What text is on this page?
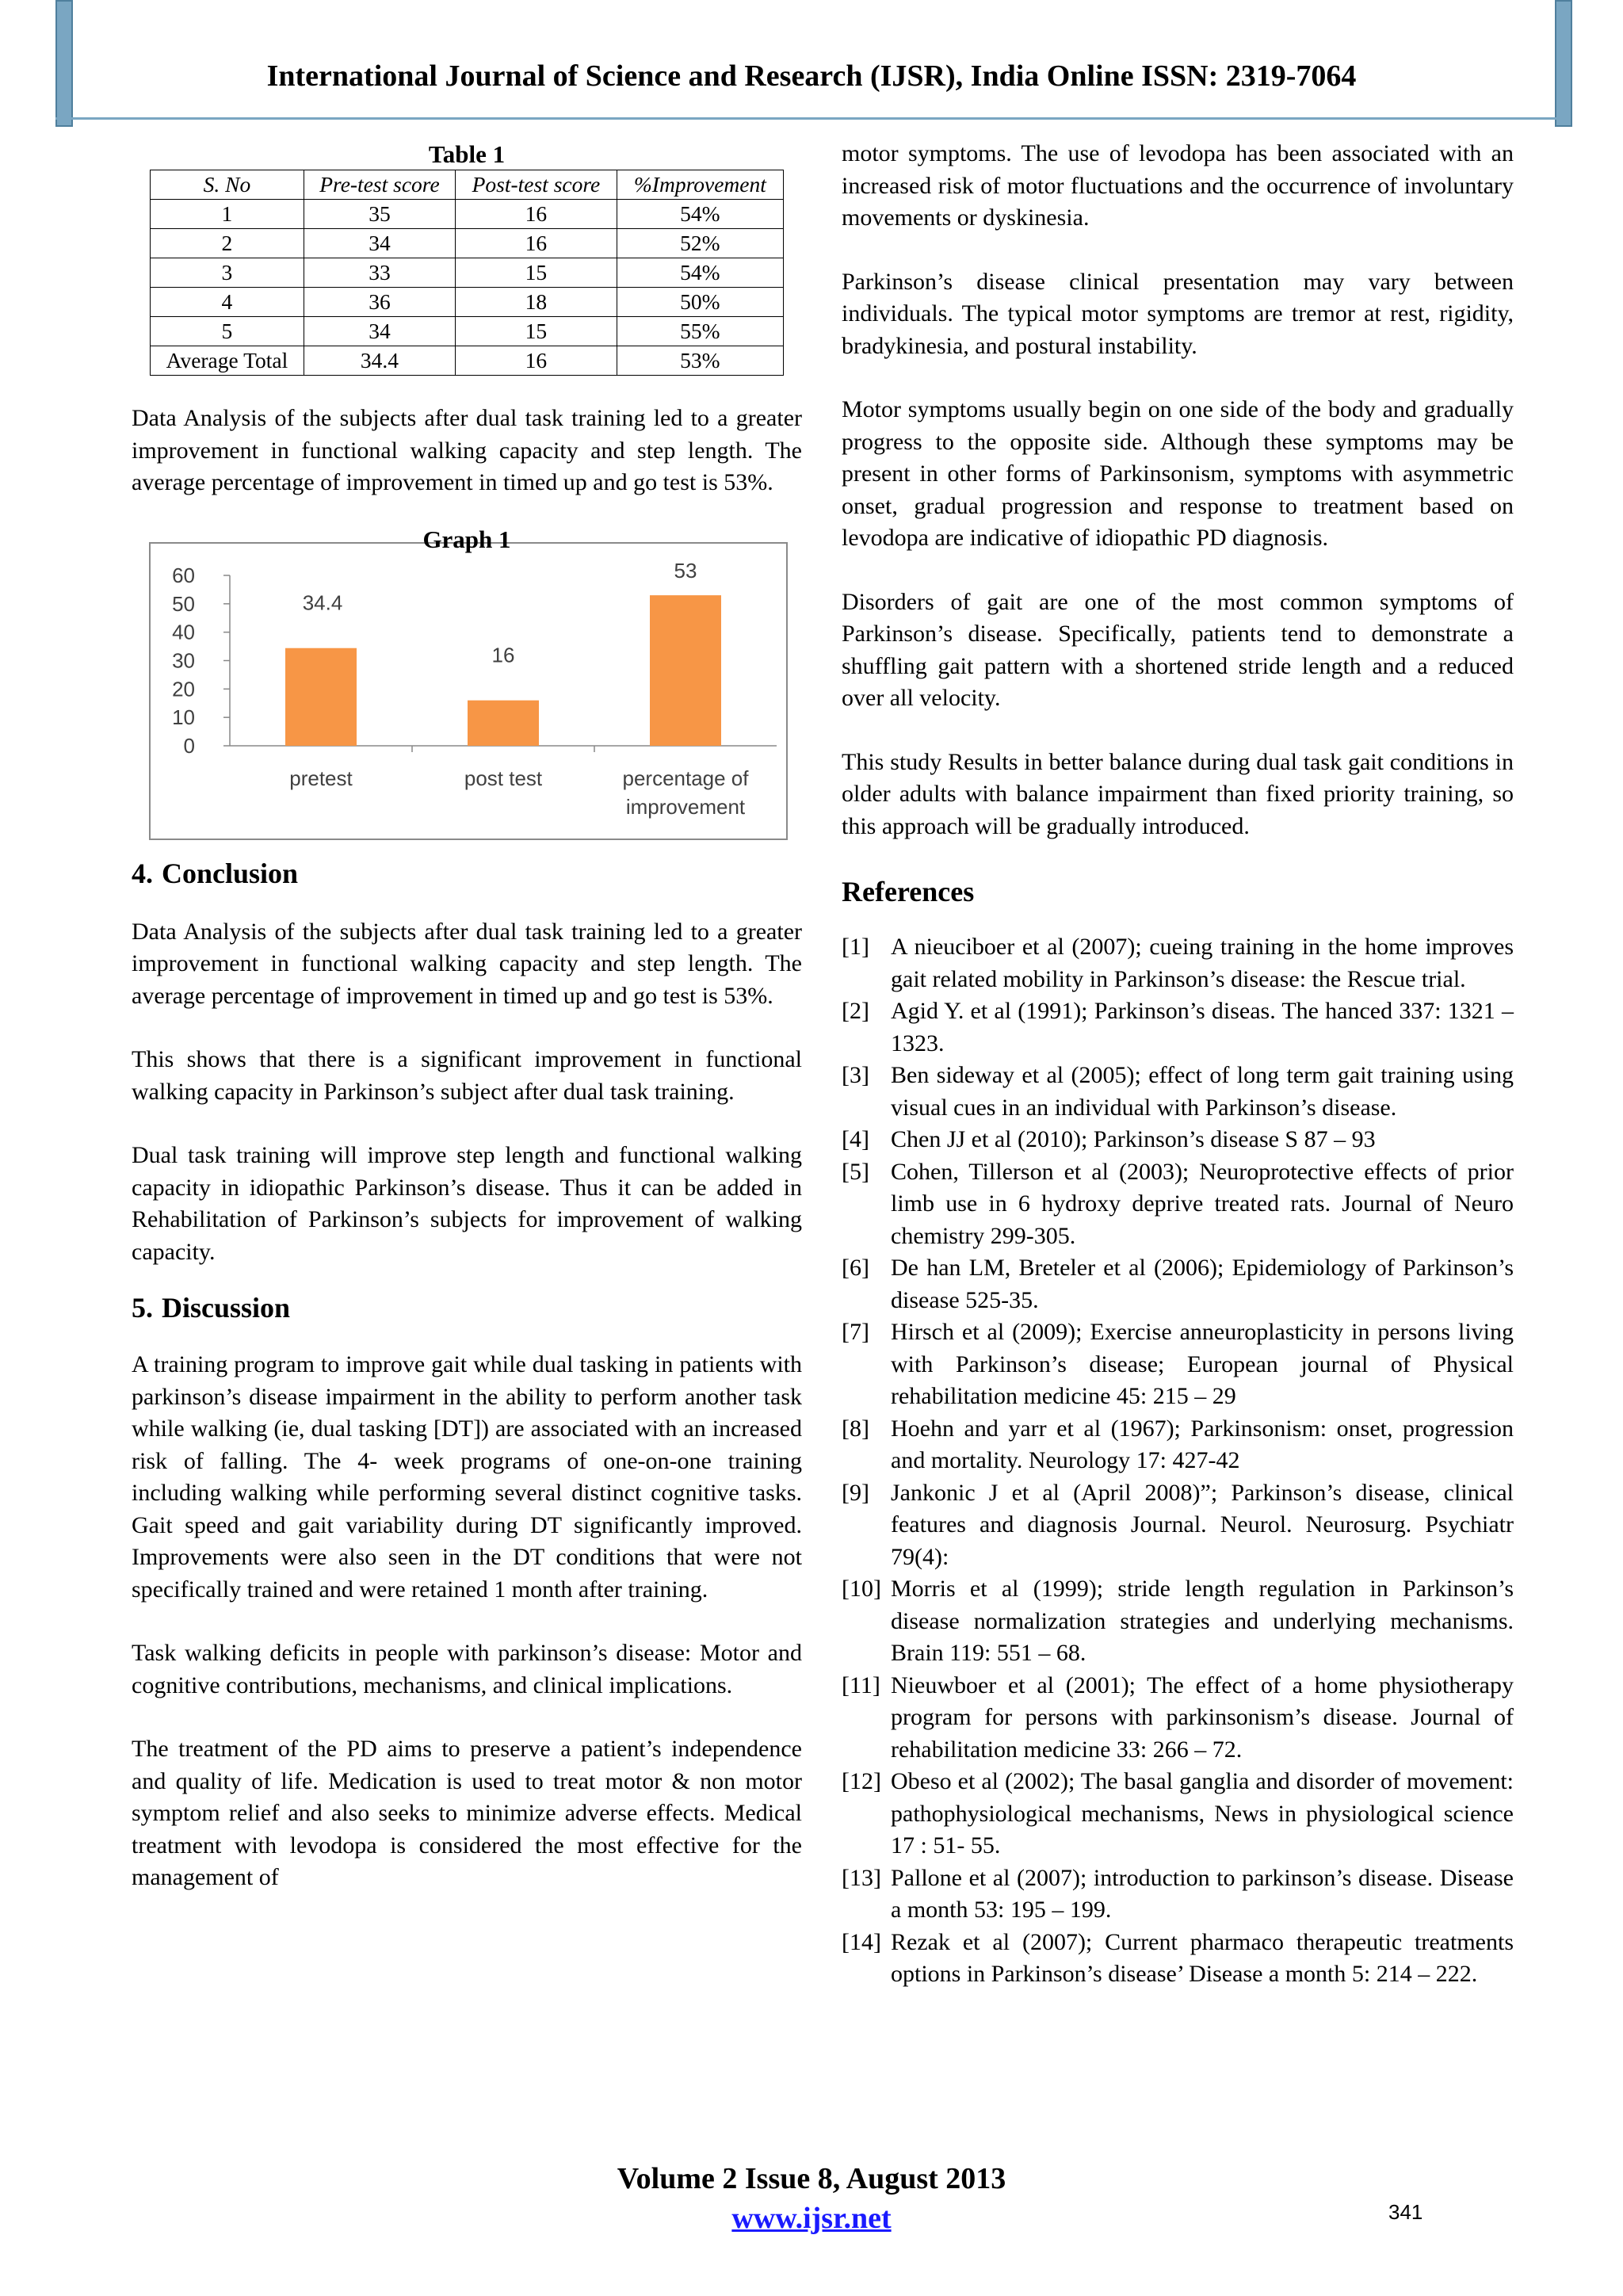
International Journal of Science and Research (IJSR), India Online ISSN: 2319-7064
Table 1
S. No	Pre-test score	Post-test score	%Improvement
1	35	16	54%
2	34	16	52%
3	33	15	54%
4	36	18	50%
5	34	15	55%
Average Total	34.4	16	53%

Data Analysis of the subjects after dual task training led to a greater improvement in functional walking capacity and step length. The average percentage of improvement in timed up and go test is 53%.

Graph 1
0
10
20
30
40
50
60
34.4
pretest
16
post test
53
percentage of
improvement
4. Conclusion

Data Analysis of the subjects after dual task training led to a greater improvement in functional walking capacity and step length. The average percentage of improvement in timed up and go test is 53%.

This shows that there is a significant improvement in functional walking capacity in Parkinson’s subject after dual task training.

Dual task training will improve step length and functional walking capacity in idiopathic Parkinson’s disease. Thus it can be added in Rehabilitation of Parkinson’s subjects for improvement of walking capacity.

5. Discussion

A training program to improve gait while dual tasking in patients with parkinson’s disease impairment in the ability to perform another task while walking (ie, dual tasking [DT]) are associated with an increased risk of falling. The 4- week programs of one-on-one training including walking while performing several distinct cognitive tasks. Gait speed and gait variability during DT significantly improved. Improvements were also seen in the DT conditions that were not specifically trained and were retained 1 month after training.

Task walking deficits in people with parkinson’s disease: Motor and cognitive contributions, mechanisms, and clinical implications.

The treatment of the PD aims to preserve a patient’s independence and quality of life. Medication is used to treat motor & non motor symptom relief and also seeks to minimize adverse effects. Medical treatment with levodopa is considered the most effective for the management of

motor symptoms. The use of levodopa has been associated with an increased risk of motor fluctuations and the occurrence of involuntary movements or dyskinesia.

Parkinson’s disease clinical presentation may vary between individuals. The typical motor symptoms are tremor at rest, rigidity, bradykinesia, and postural instability.

Motor symptoms usually begin on one side of the body and gradually progress to the opposite side. Although these symptoms may be present in other forms of Parkinsonism, symptoms with asymmetric onset, gradual progression and response to treatment based on levodopa are indicative of idiopathic PD diagnosis.

Disorders of gait are one of the most common symptoms of Parkinson’s disease. Specifically, patients tend to demonstrate a shuffling gait pattern with a shortened stride length and a reduced over all velocity.

This study Results in better balance during dual task gait conditions in older adults with balance impairment than fixed priority training, so this approach will be gradually introduced.

References
[1] A nieuciboer et al (2007); cueing training in the home improves gait related mobility in Parkinson’s disease: the Rescue trial.
[2] Agid Y. et al (1991); Parkinson’s diseas. The hanced 337: 1321 – 1323.
[3] Ben sideway et al (2005); effect of long term gait training using visual cues in an individual with Parkinson’s disease.
[4] Chen JJ et al (2010); Parkinson’s disease S 87 – 93
[5] Cohen, Tillerson et al (2003); Neuroprotective effects of prior limb use in 6 hydroxy deprive treated rats. Journal of Neuro chemistry 299-305.
[6] De han LM, Breteler et al (2006); Epidemiology of Parkinson’s disease 525-35.
[7] Hirsch et al (2009); Exercise anneuroplasticity in persons living with Parkinson’s disease; European journal of Physical rehabilitation medicine 45: 215 – 29
[8] Hoehn and yarr et al (1967); Parkinsonism: onset, progression and mortality. Neurology 17: 427-42
[9] Jankonic J et al (April 2008)”; Parkinson’s disease, clinical features and diagnosis Journal. Neurol. Neurosurg. Psychiatr 79(4):
[10] Morris et al (1999); stride length regulation in Parkinson’s disease normalization strategies and underlying mechanisms. Brain 119: 551 – 68.
[11] Nieuwboer et al (2001); The effect of a home physiotherapy program for persons with parkinsonism’s disease. Journal of rehabilitation medicine 33: 266 – 72.
[12] Obeso et al (2002); The basal ganglia and disorder of movement: pathophysiological mechanisms, News in physiological science 17 : 51- 55.
[13] Pallone et al (2007); introduction to parkinson’s disease. Disease a month 53: 195 – 199.
[14] Rezak et al (2007); Current pharmaco therapeutic treatments options in Parkinson’s disease’ Disease a month 5: 214 – 222.
Volume 2 Issue 8, August 2013
www.ijsr.net	341
